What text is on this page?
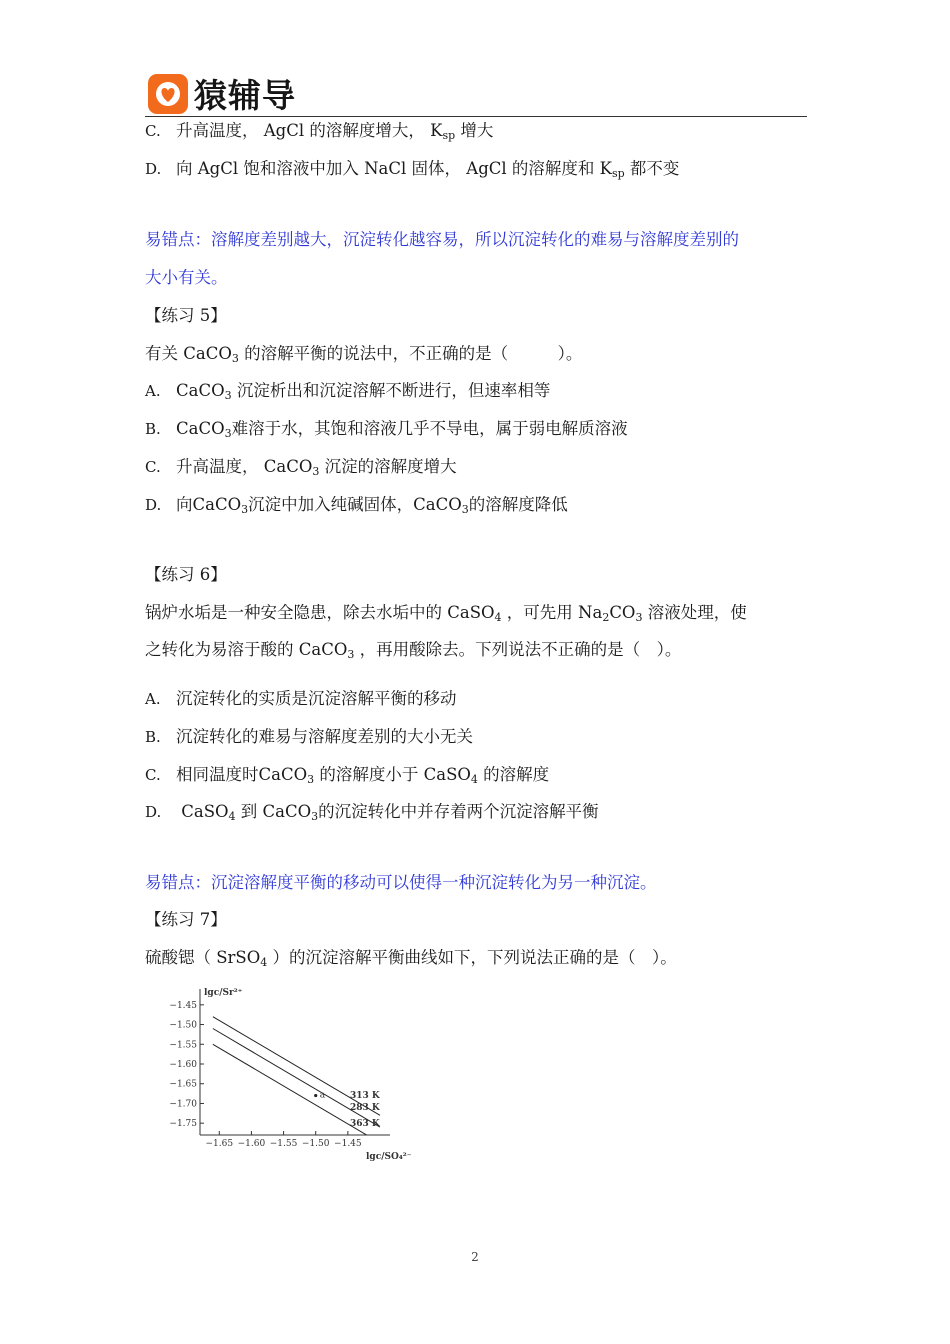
猿辅导
C. 升高温度， AgCl 的溶解度增大， $K_{sp}$ 增大
D. 向 AgCl 饱和溶液中加入 NaCl 固体， AgCl 的溶解度和 $K_{sp}$ 都不变
易错点：溶解度差别越大，沉淀转化越容易，所以沉淀转化的难易与溶解度差别的
大小有关。
【练习 5】
有关 CaCO$_3$ 的溶解平衡的说法中，不正确的是（　　　）。
A. CaCO$_3$ 沉淀析出和沉淀溶解不断进行，但速率相等
B. CaCO$_3$难溶于水，其饱和溶液几乎不导电，属于弱电解质溶液
C. 升高温度， CaCO$_3$ 沉淀的溶解度增大
D. 向CaCO$_3$沉淀中加入纯碱固体，CaCO$_3$的溶解度降低
【练习 6】
锅炉水垢是一种安全隐患，除去水垢中的 CaSO$_4$ ，可先用 $Na_2CO_3$ 溶液处理，使
之转化为易溶于酸的 CaCO$_3$ ，再用酸除去。下列说法不正确的是（　）。
A. 沉淀转化的实质是沉淀溶解平衡的移动
B. 沉淀转化的难易与溶解度差别的大小无关
C. 相同温度时CaCO$_3$ 的溶解度小于 CaSO$_4$ 的溶解度
D. CaSO$_4$ 到 CaCO$_3$的沉淀转化中并存着两个沉淀溶解平衡
易错点：沉淀溶解度平衡的移动可以使得一种沉淀转化为另一种沉淀。
【练习 7】
硫酸锶（ SrSO$_4$ ）的沉淀溶解平衡曲线如下，下列说法正确的是（　）。
−1.45
−1.50
−1.55
−1.60
−1.65
−1.70
−1.75
−1.65 −1.60 −1.55 −1.50 −1.45
lgc/Sr²⁺
lgc/SO₄²⁻
313 K
283 K
363 K
a
2
